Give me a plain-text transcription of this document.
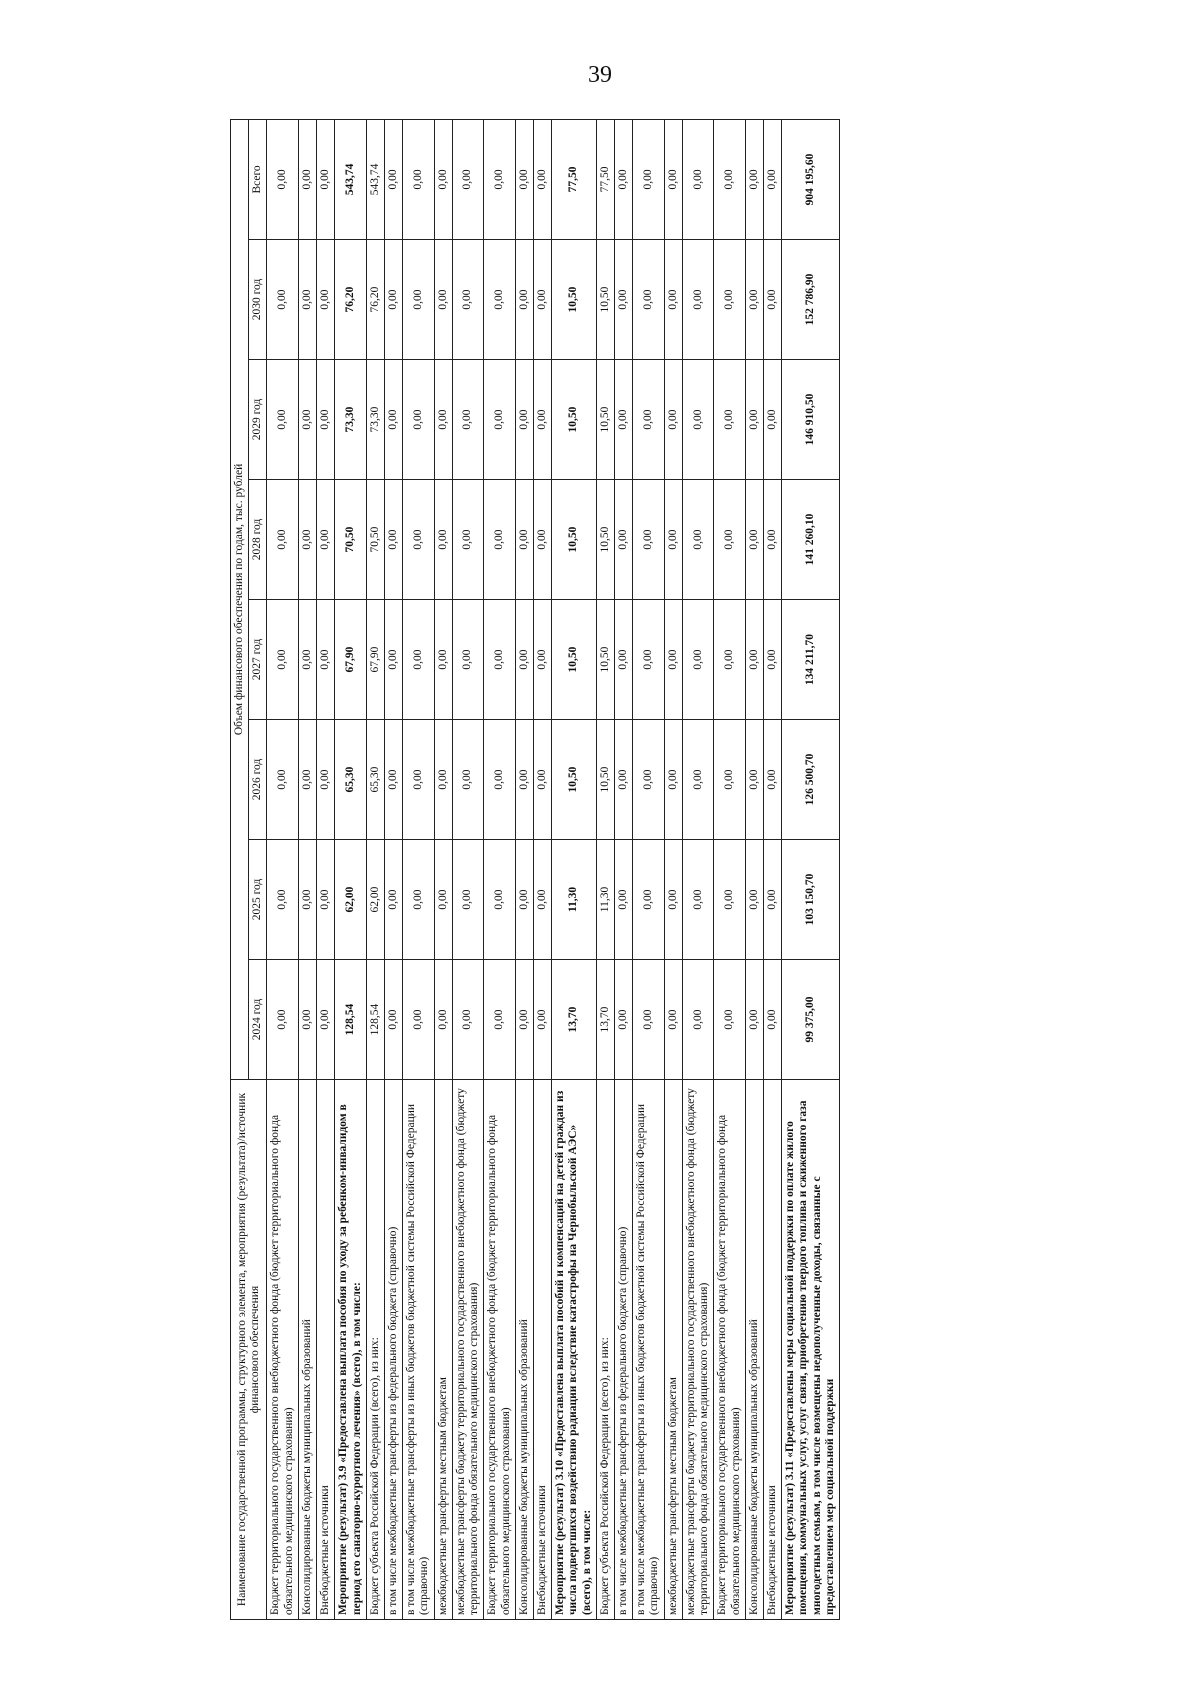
39
Наименование государственной программы, структурного элемента, мероприятия (результата)/источник финансового обеспечения	Объем финансового обеспечения по годам, тыс. рублей							
	2024 год	2025 год	2026 год	2027 год	2028 год	2029 год	2030 год	Всего
Бюджет территориального государственного внебюджетного фонда (бюджет территориального фонда обязательного медицинского страхования)	0,00	0,00	0,00	0,00	0,00	0,00	0,00	0,00
Консолидированные бюджеты муниципальных образований	0,00	0,00	0,00	0,00	0,00	0,00	0,00	0,00
Внебюджетные источники	0,00	0,00	0,00	0,00	0,00	0,00	0,00	0,00
Мероприятие (результат) 3.9 «Предоставлена выплата пособия по уходу за ребенком-инвалидом в период его санаторно-курортного лечения» (всего), в том числе:	128,54	62,00	65,30	67,90	70,50	73,30	76,20	543,74
Бюджет субъекта Российской Федерации (всего), из них:	128,54	62,00	65,30	67,90	70,50	73,30	76,20	543,74
в том числе межбюджетные трансферты из федерального бюджета (справочно)	0,00	0,00	0,00	0,00	0,00	0,00	0,00	0,00
в том числе межбюджетные трансферты из иных бюджетов бюджетной системы Российской Федерации (справочно)	0,00	0,00	0,00	0,00	0,00	0,00	0,00	0,00
межбюджетные трансферты местным бюджетам	0,00	0,00	0,00	0,00	0,00	0,00	0,00	0,00
межбюджетные трансферты бюджету территориального государственного внебюджетного фонда (бюджету территориального фонда обязательного медицинского страхования)	0,00	0,00	0,00	0,00	0,00	0,00	0,00	0,00
Бюджет территориального государственного внебюджетного фонда (бюджет территориального фонда обязательного медицинского страхования)	0,00	0,00	0,00	0,00	0,00	0,00	0,00	0,00
Консолидированные бюджеты муниципальных образований	0,00	0,00	0,00	0,00	0,00	0,00	0,00	0,00
Внебюджетные источники	0,00	0,00	0,00	0,00	0,00	0,00	0,00	0,00
Мероприятие (результат) 3.10 «Предоставлена выплата пособий и компенсаций на детей граждан из числа подвергшихся воздействию радиации вследствие катастрофы на Чернобыльской АЭС» (всего), в том числе:	13,70	11,30	10,50	10,50	10,50	10,50	10,50	77,50
Бюджет субъекта Российской Федерации (всего), из них:	13,70	11,30	10,50	10,50	10,50	10,50	10,50	77,50
в том числе межбюджетные трансферты из федерального бюджета (справочно)	0,00	0,00	0,00	0,00	0,00	0,00	0,00	0,00
в том числе межбюджетные трансферты из иных бюджетов бюджетной системы Российской Федерации (справочно)	0,00	0,00	0,00	0,00	0,00	0,00	0,00	0,00
межбюджетные трансферты местным бюджетам	0,00	0,00	0,00	0,00	0,00	0,00	0,00	0,00
межбюджетные трансферты бюджету территориального государственного внебюджетного фонда (бюджету территориального фонда обязательного медицинского страхования)	0,00	0,00	0,00	0,00	0,00	0,00	0,00	0,00
Бюджет территориального государственного внебюджетного фонда (бюджет территориального фонда обязательного медицинского страхования)	0,00	0,00	0,00	0,00	0,00	0,00	0,00	0,00
Консолидированные бюджеты муниципальных образований	0,00	0,00	0,00	0,00	0,00	0,00	0,00	0,00
Внебюджетные источники	0,00	0,00	0,00	0,00	0,00	0,00	0,00	0,00
Мероприятие (результат) 3.11 «Предоставлены меры социальной поддержки по оплате жилого помещения, коммунальных услуг, услуг связи, приобретению твердого топлива и сжиженного газа многодетным семьям, в том числе возмещены недополученные доходы, связанные с предоставлением мер социальной поддержки	99 375,00	103 150,70	126 500,70	134 211,70	141 260,10	146 910,50	152 786,90	904 195,60
